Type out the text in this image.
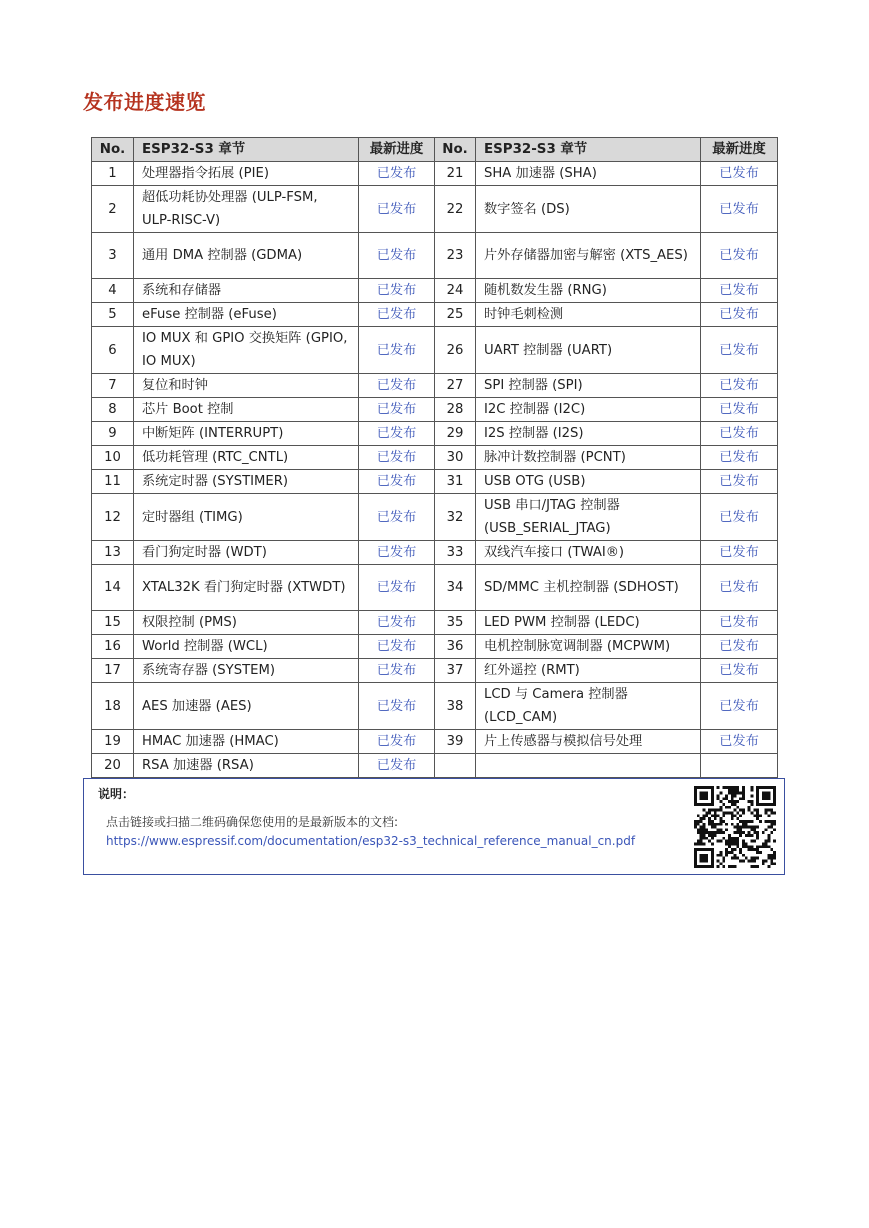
发布进度速览
No.	ESP32-S3 章节	最新进度	No.	ESP32-S3 章节	最新进度
1	处理器指令拓展 (PIE)	已发布	21	SHA 加速器 (SHA)	已发布
2	超低功耗协处理器 (ULP-FSM, ULP-RISC-V)	已发布	22	数字签名 (DS)	已发布
3	通用 DMA 控制器 (GDMA)	已发布	23	片外存储器加密与解密 (XTS_AES)	已发布
4	系统和存储器	已发布	24	随机数发生器 (RNG)	已发布
5	eFuse 控制器 (eFuse)	已发布	25	时钟毛刺检测	已发布
6	IO MUX 和 GPIO 交换矩阵 (GPIO, IO MUX)	已发布	26	UART 控制器 (UART)	已发布
7	复位和时钟	已发布	27	SPI 控制器 (SPI)	已发布
8	芯片 Boot 控制	已发布	28	I2C 控制器 (I2C)	已发布
9	中断矩阵 (INTERRUPT)	已发布	29	I2S 控制器 (I2S)	已发布
10	低功耗管理 (RTC_CNTL)	已发布	30	脉冲计数控制器 (PCNT)	已发布
11	系统定时器 (SYSTIMER)	已发布	31	USB OTG (USB)	已发布
12	定时器组 (TIMG)	已发布	32	USB 串口/JTAG 控制器 (USB_SERIAL_JTAG)	已发布
13	看门狗定时器 (WDT)	已发布	33	双线汽车接口 (TWAI®)	已发布
14	XTAL32K 看门狗定时器 (XTWDT)	已发布	34	SD/MMC 主机控制器 (SDHOST)	已发布
15	权限控制 (PMS)	已发布	35	LED PWM 控制器 (LEDC)	已发布
16	World 控制器 (WCL)	已发布	36	电机控制脉宽调制器 (MCPWM)	已发布
17	系统寄存器 (SYSTEM)	已发布	37	红外遥控 (RMT)	已发布
18	AES 加速器 (AES)	已发布	38	LCD 与 Camera 控制器 (LCD_CAM)	已发布
19	HMAC 加速器 (HMAC)	已发布	39	片上传感器与模拟信号处理	已发布
20	RSA 加速器 (RSA)	已发布			
说明：
点击链接或扫描二维码确保您使用的是最新版本的文档:
https://www.espressif.com/documentation/esp32-s3_technical_reference_manual_cn.pdf
